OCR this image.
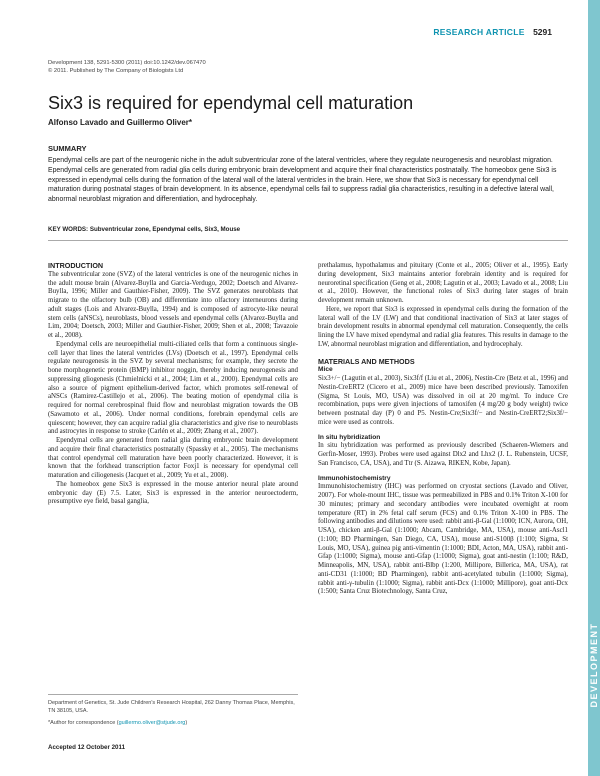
RESEARCH ARTICLE 5291
DEVELOPMENT
Development 138, 5291-5300 (2011) doi:10.1242/dev.067470
© 2011. Published by The Company of Biologists Ltd
Six3 is required for ependymal cell maturation
Alfonso Lavado and Guillermo Oliver*
SUMMARY
Ependymal cells are part of the neurogenic niche in the adult subventricular zone of the lateral ventricles, where they regulate neurogenesis and neuroblast migration. Ependymal cells are generated from radial glia cells during embryonic brain development and acquire their final characteristics postnatally. The homeobox gene Six3 is expressed in ependymal cells during the formation of the lateral wall of the lateral ventricles in the brain. Here, we show that Six3 is necessary for ependymal cell maturation during postnatal stages of brain development. In its absence, ependymal cells fail to suppress radial glia characteristics, resulting in a defective lateral wall, abnormal neuroblast migration and differentiation, and hydrocephaly.
KEY WORDS: Subventricular zone, Ependymal cells, Six3, Mouse
INTRODUCTION

The subventricular zone (SVZ) of the lateral ventricles is one of the neurogenic niches in the adult mouse brain (Alvarez-Buylla and Garcia-Verdugo, 2002; Doetsch and Alvarez-Buylla, 1996; Miller and Gauthier-Fisher, 2009). The SVZ generates neuroblasts that migrate to the olfactory bulb (OB) and differentiate into olfactory interneurons during adult stages (Lois and Alvarez-Buylla, 1994) and is composed of astrocyte-like neural stem cells (aNSCs), neuroblasts, blood vessels and ependymal cells (Alvarez-Buylla and Lim, 2004; Doetsch, 2003; Miller and Gauthier-Fisher, 2009; Shen et al., 2008; Tavazoie et al., 2008).

Ependymal cells are neuroepithelial multi-ciliated cells that form a continuous single-cell layer that lines the lateral ventricles (LVs) (Doetsch et al., 1997). Ependymal cells regulate neurogenesis in the SVZ by several mechanisms; for example, they secrete the bone morphogenetic protein (BMP) inhibitor noggin, thereby inducing neurogenesis and suppressing gliogenesis (Chmielnicki et al., 2004; Lim et al., 2000). Ependymal cells are also a source of pigment epithelium-derived factor, which promotes self-renewal of aNSCs (Ramirez-Castillejo et al., 2006). The beating motion of ependymal cilia is required for normal cerebrospinal fluid flow and neuroblast migration towards the OB (Sawamoto et al., 2006). Under normal conditions, forebrain ependymal cells are quiescent; however, they can acquire radial glia characteristics and give rise to neuroblasts and astrocytes in response to stroke (Carlén et al., 2009; Zhang et al., 2007).

Ependymal cells are generated from radial glia during embryonic brain development and acquire their final characteristics postnatally (Spassky et al., 2005). The mechanisms that control ependymal cell maturation have been poorly characterized. However, it is known that the forkhead transcription factor Foxj1 is necessary for ependymal cell maturation and ciliogenesis (Jacquet et al., 2009; Yu et al., 2008).

The homeobox gene Six3 is expressed in the mouse anterior neural plate around embryonic day (E) 7.5. Later, Six3 is expressed in the anterior neuroectoderm, presumptive eye field, basal ganglia,

prethalamus, hypothalamus and pituitary (Conte et al., 2005; Oliver et al., 1995). Early during development, Six3 maintains anterior forebrain identity and is required for neuroretinal specification (Geng et al., 2008; Lagutin et al., 2003; Lavado et al., 2008; Liu et al., 2010). However, the functional roles of Six3 during later stages of brain development remain unknown.

Here, we report that Six3 is expressed in ependymal cells during the formation of the lateral wall of the LV (LW) and that conditional inactivation of Six3 at later stages of brain development results in abnormal ependymal cell maturation. Consequently, the cells lining the LV have mixed ependymal and radial glia features. This results in damage to the LW, abnormal neuroblast migration and differentiation, and hydrocephaly.

MATERIALS AND METHODS
Mice

Six3+/− (Lagutin et al., 2003), Six3f/f (Liu et al., 2006), Nestin-Cre (Betz et al., 1996) and Nestin-CreERT2 (Cicero et al., 2009) mice have been described previously. Tamoxifen (Sigma, St Louis, MO, USA) was dissolved in oil at 20 mg/ml. To induce Cre recombination, pups were given injections of tamoxifen (4 mg/20 g body weight) twice between postnatal day (P) 0 and P5. Nestin-Cre;Six3f/− and Nestin-CreERT2;Six3f/− mice were used as controls.

In situ hybridization

In situ hybridization was performed as previously described (Schaeren-Wiemers and Gerfin-Moser, 1993). Probes were used against Dlx2 and Lhx2 (J. L. Rubenstein, UCSF, San Francisco, CA, USA), and Ttr (S. Aizawa, RIKEN, Kobe, Japan).

Immunohistochemistry

Immunohistochemistry (IHC) was performed on cryostat sections (Lavado and Oliver, 2007). For whole-mount IHC, tissue was permeabilized in PBS and 0.1% Triton X-100 for 30 minutes; primary and secondary antibodies were incubated overnight at room temperature (RT) in 2% fetal calf serum (FCS) and 0.1% Triton X-100 in PBS. The following antibodies and dilutions were used: rabbit anti-β-Gal (1:1000; ICN, Aurora, OH, USA), chicken anti-β-Gal (1:1000; Abcam, Cambridge, MA, USA), mouse anti-Ascl1 (1:100; BD Pharmingen, San Diego, CA, USA), mouse anti-S100β (1:100; Sigma, St Louis, MO, USA), guinea pig anti-vimentin (1:1000; BDI, Acton, MA, USA), rabbit anti-Gfap (1:1000; Sigma), mouse anti-Gfap (1:1000; Sigma), goat anti-nestin (1:100; R&D, Minneapolis, MN, USA), rabbit anti-Blbp (1:200, Millipore, Billerica, MA, USA), rat anti-CD31 (1:1000; BD Pharmingen), rabbit anti-acetylated tubulin (1:1000; Sigma), rabbit anti-γ-tubulin (1:1000; Sigma), rabbit anti-Dcx (1:1000; Millipore), goat anti-Dcx (1:500; Santa Cruz Biotechnology, Santa Cruz,

Department of Genetics, St. Jude Children's Research Hospital, 262 Danny Thomas Place, Memphis, TN 38105, USA.
*Author for correspondence (guillermo.oliver@stjude.org)
Accepted 12 October 2011
